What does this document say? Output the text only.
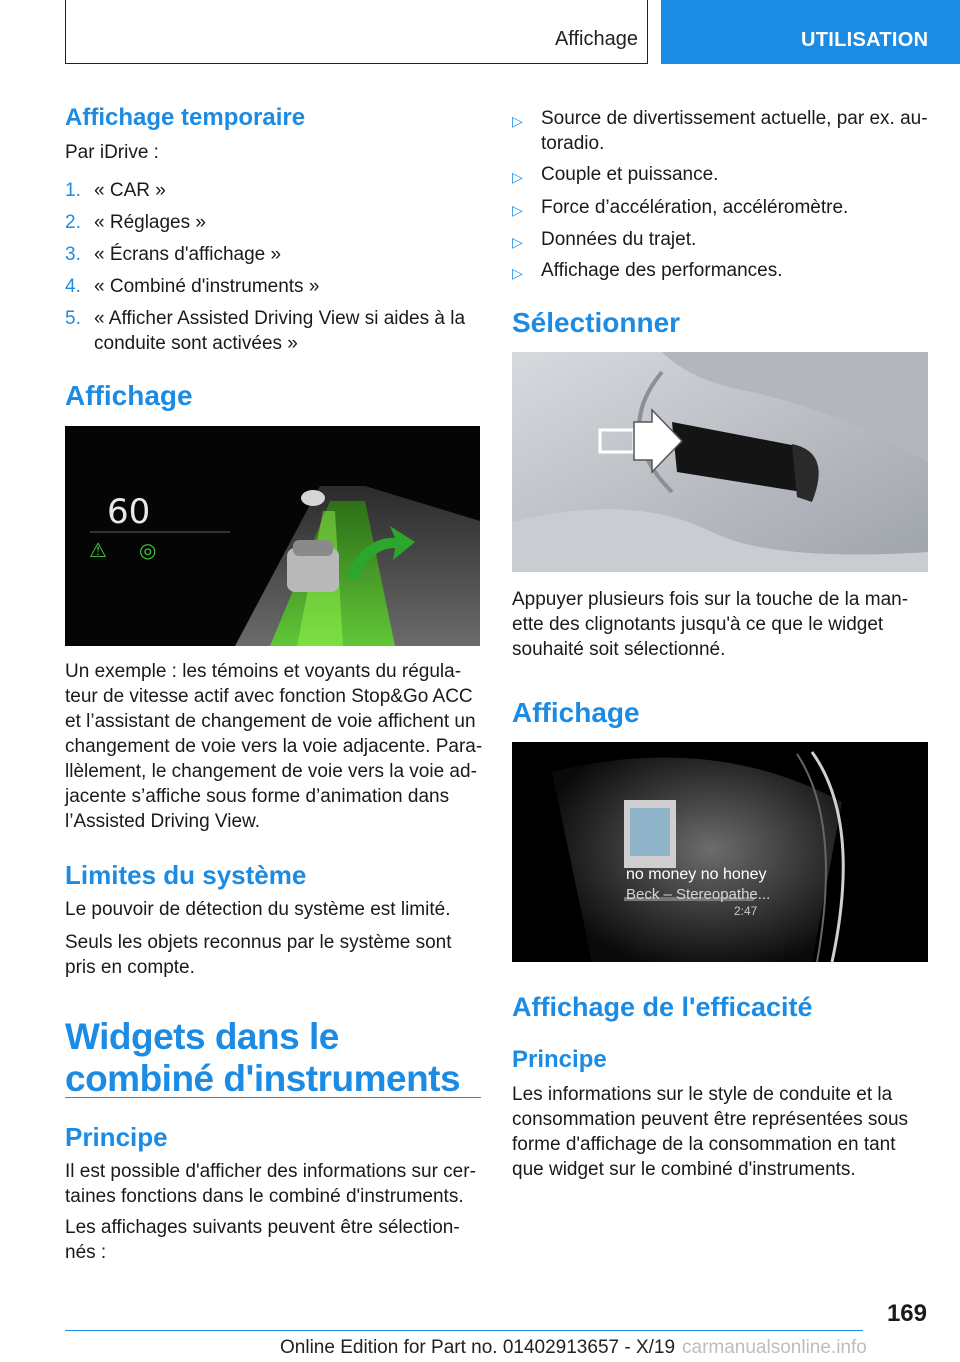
Affichage	UTILISATION
Affichage temporaire

Par iDrive :

1. « CAR »
2. « Réglages »
3. « Écrans d'affichage »
4. « Combiné d'instruments »
5. « Afficher Assisted Driving View si aides à la conduite sont activées »
Affichage
60
⚠ ◎

Un exemple : les témoins et voyants du régula-teur de vitesse actif avec fonction Stop&Go ACC et l’assistant de changement de voie affichent un changement de voie vers la voie adjacente. Para-llèlement, le changement de voie vers la voie ad-jacente s’affiche sous forme d’animation dans l’Assisted Driving View.

Limites du système

Le pouvoir de détection du système est limité.

Seuls les objets reconnus par le système sont pris en compte.

Widgets dans le combiné d'instruments
Principe

Il est possible d'afficher des informations sur cer-taines fonctions dans le combiné d'instruments.

Les affichages suivants peuvent être sélection-nés :

▷ Source de divertissement actuelle, par ex. au-toradio.
▷ Couple et puissance.
▷ Force d’accélération, accéléromètre.
▷ Données du trajet.
▷ Affichage des performances.
Sélectionner

Appuyer plusieurs fois sur la touche de la man-ette des clignotants jusqu'à ce que le widget souhaité soit sélectionné.

Affichage
no money no honey
Beck – Stereopathe...
2:47
Affichage de l'efficacité
Principe

Les informations sur le style de conduite et la consommation peuvent être représentées sous forme d'affichage de la consommation en tant que widget sur le combiné d'instruments.

169
Online Edition for Part no. 01402913657 - X/19 carmanualsonline.info
